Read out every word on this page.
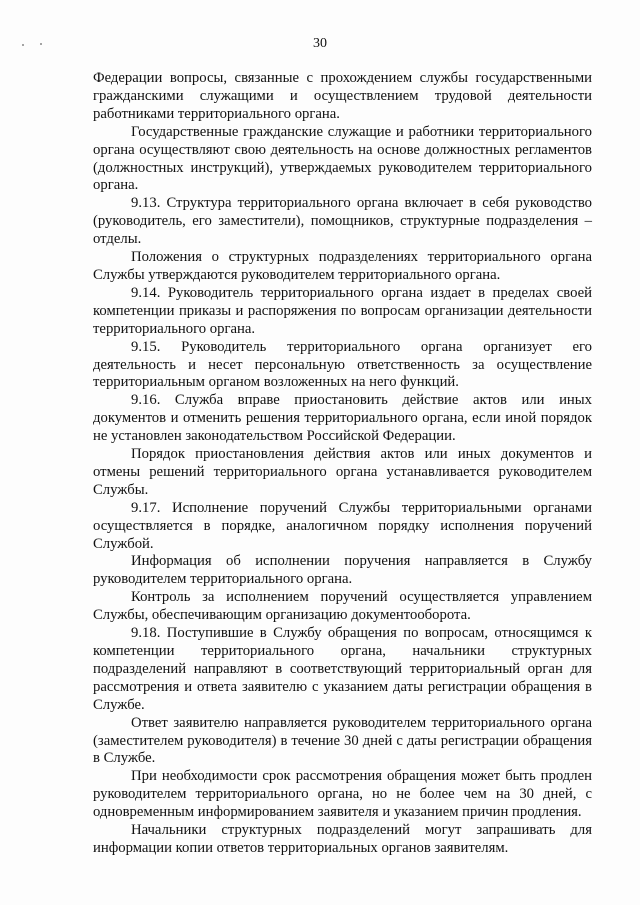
30

Федерации вопросы, связанные с прохождением службы государственными гражданскими служащими и осуществлением трудовой деятельности работниками территориального органа.

Государственные гражданские служащие и работники территориального органа осуществляют свою деятельность на основе должностных регламентов (должностных инструкций), утверждаемых руководителем территориального органа.

9.13. Структура территориального органа включает в себя руководство (руководитель, его заместители), помощников, структурные подразделения – отделы.

Положения о структурных подразделениях территориального органа Службы утверждаются руководителем территориального органа.

9.14. Руководитель территориального органа издает в пределах своей компетенции приказы и распоряжения по вопросам организации деятельности территориального органа.

9.15. Руководитель территориального органа организует его деятельность и несет персональную ответственность за осуществление территориальным органом возложенных на него функций.

9.16. Служба вправе приостановить действие актов или иных документов и отменить решения территориального органа, если иной порядок не установлен законодательством Российской Федерации.

Порядок приостановления действия актов или иных документов и отмены решений территориального органа устанавливается руководителем Службы.

9.17. Исполнение поручений Службы территориальными органами осуществляется в порядке, аналогичном порядку исполнения поручений Службой.

Информация об исполнении поручения направляется в Службу руководителем территориального органа.

Контроль за исполнением поручений осуществляется управлением Службы, обеспечивающим организацию документооборота.

9.18. Поступившие в Службу обращения по вопросам, относящимся к компетенции территориального органа, начальники структурных подразделений направляют в соответствующий территориальный орган для рассмотрения и ответа заявителю с указанием даты регистрации обращения в Службе.

Ответ заявителю направляется руководителем территориального органа (заместителем руководителя) в течение 30 дней с даты регистрации обращения в Службе.

При необходимости срок рассмотрения обращения может быть продлен руководителем территориального органа, но не более чем на 30 дней, с одновременным информированием заявителя и указанием причин продления.

Начальники структурных подразделений могут запрашивать для информации копии ответов территориальных органов заявителям.
